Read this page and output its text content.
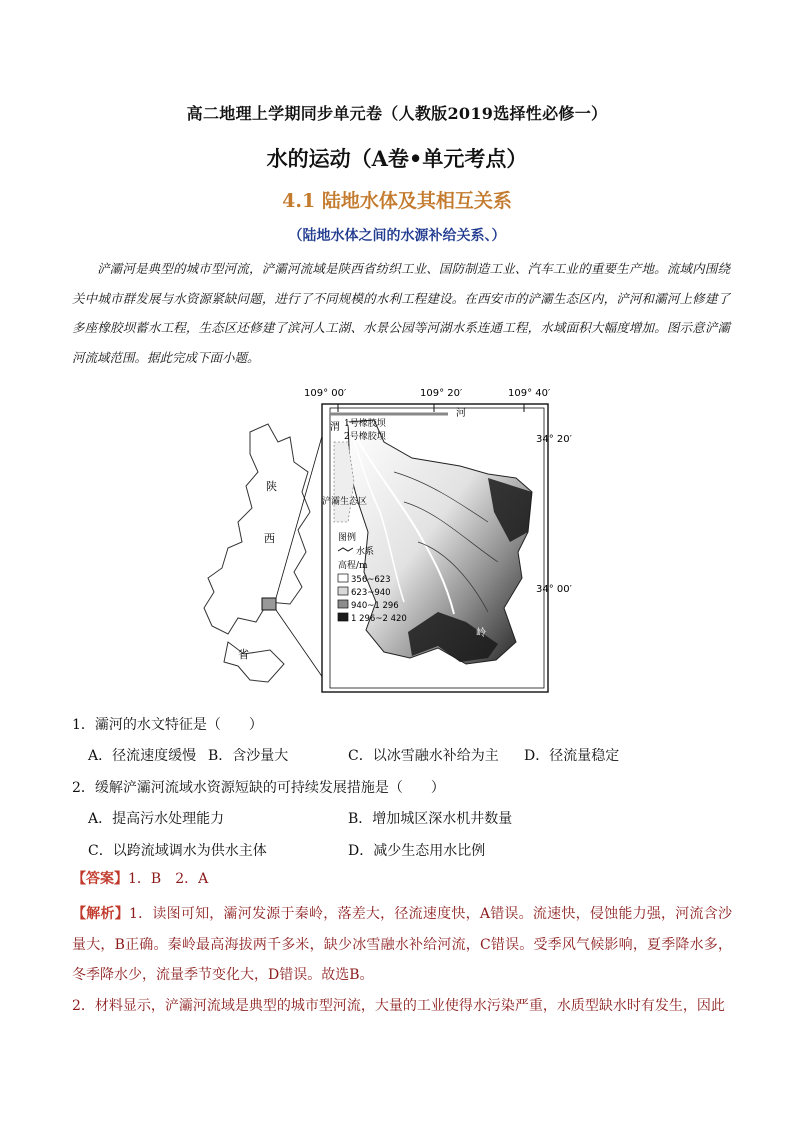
高二地理上学期同步单元卷（人教版2019选择性必修一）
水的运动（A卷•单元考点）
4.1 陆地水体及其相互关系
（陆地水体之间的水源补给关系、）
浐灞河是典型的城市型河流，浐灞河流域是陕西省纺织工业、国防制造工业、汽车工业的重要生产地。流域内围绕关中城市群发展与水资源紧缺问题，进行了不同规模的水利工程建设。在西安市的浐灞生态区内，浐河和灞河上修建了多座橡胶坝蓄水工程，生态区还修建了滨河人工湖、水景公园等河湖水系连通工程，水域面积大幅度增加。图示意浐灞河流域范围。据此完成下面小题。
陕
西
省
109° 00′	109° 20′	109° 40′
34° 20′
34° 00′
河
渭 1号橡胶坝
2号橡胶坝
浐灞生态区
秦
岭
图例
水系
高程/m
356~623
623~940
940~1 296
1 296~2 420
1．灞河的水文特征是（　　）
A．径流速度缓慢 B．含沙量大	C．以冰雪融水补给为主 D．径流量稳定
2．缓解浐灞河流域水资源短缺的可持续发展措施是（　　）
A．提高污水处理能力	B．增加城区深水机井数量
C．以跨流域调水为供水主体	D．减少生态用水比例
【答案】1．B　2．A
【解析】1．读图可知，灞河发源于秦岭，落差大，径流速度快，A错误。流速快，侵蚀能力强，河流含沙量大，B正确。秦岭最高海拔两千多米，缺少冰雪融水补给河流，C错误。受季风气候影响，夏季降水多，冬季降水少，流量季节变化大，D错误。故选B。
2．材料显示，浐灞河流域是典型的城市型河流，大量的工业使得水污染严重，水质型缺水时有发生，因此
